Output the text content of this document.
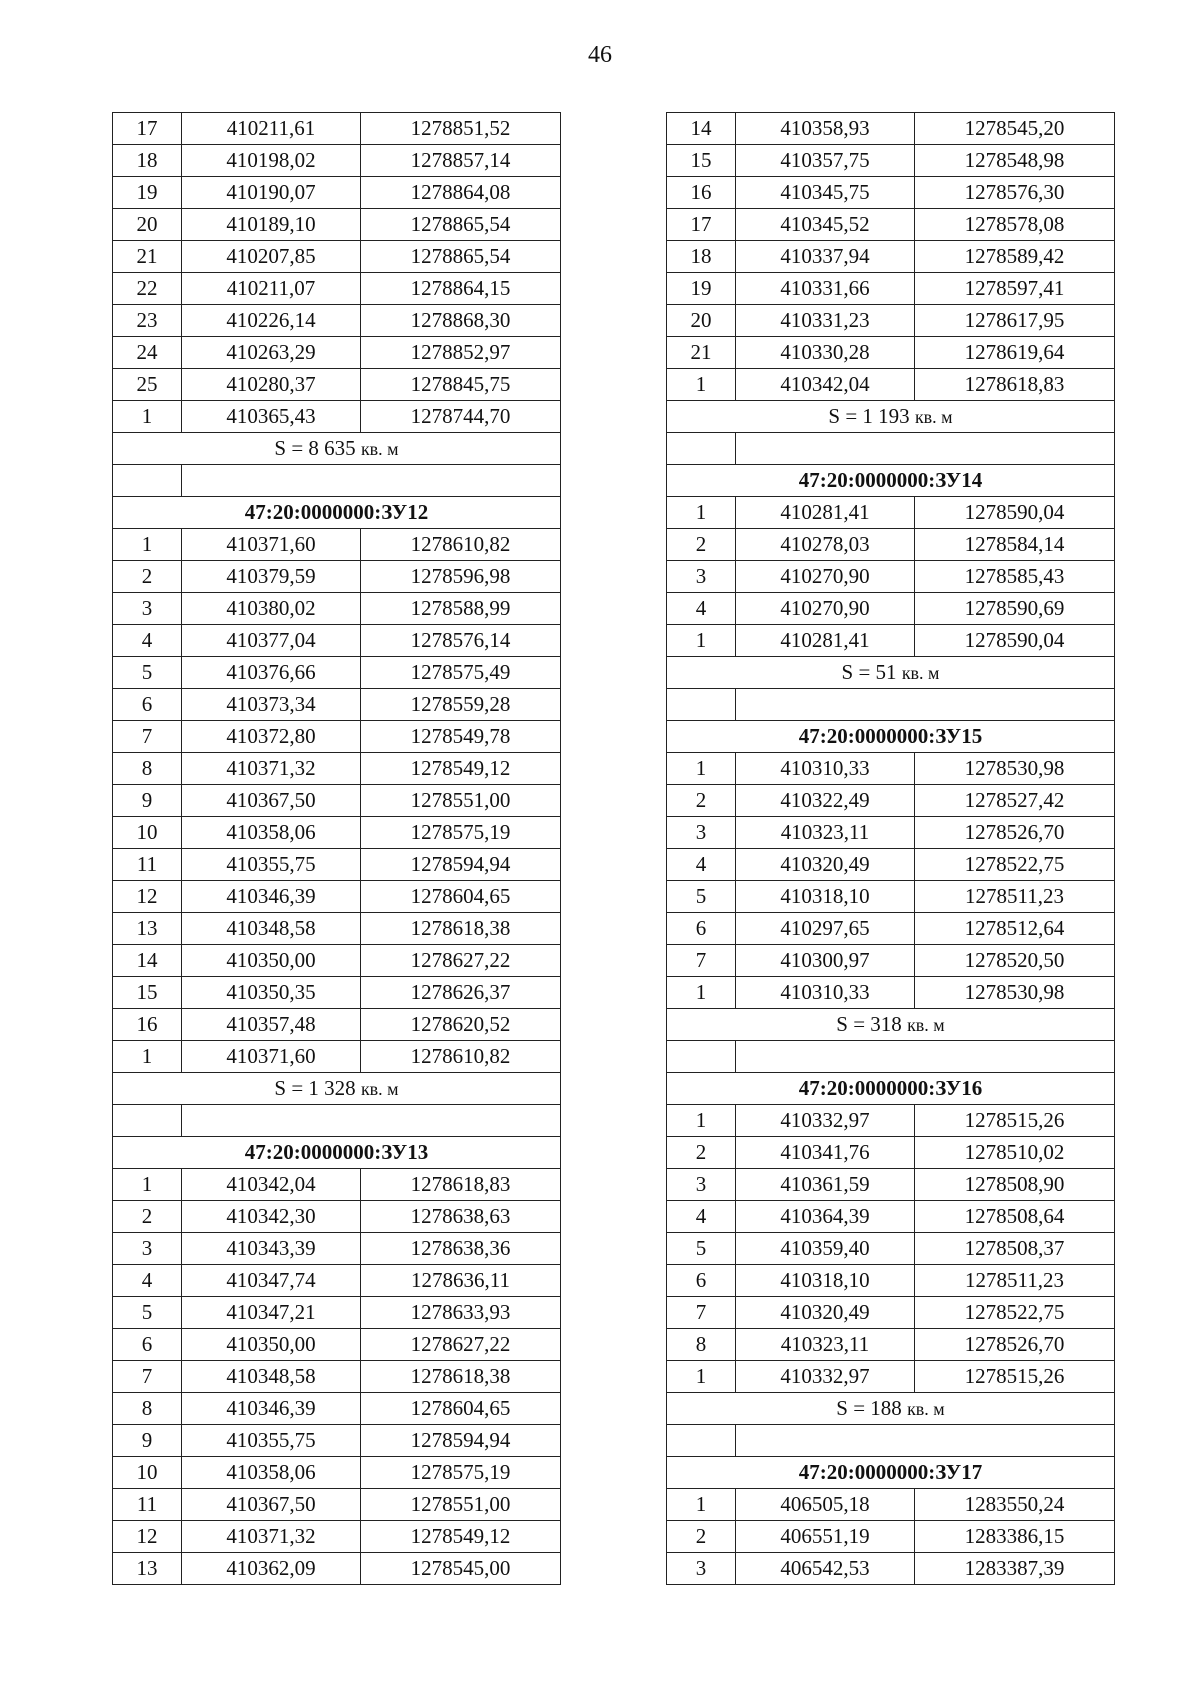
46
17	410211,61	1278851,52
18	410198,02	1278857,14
19	410190,07	1278864,08
20	410189,10	1278865,54
21	410207,85	1278865,54
22	410211,07	1278864,15
23	410226,14	1278868,30
24	410263,29	1278852,97
25	410280,37	1278845,75
1	410365,43	1278744,70
S = 8 635 кв. м		

47:20:0000000:ЗУ12		
1	410371,60	1278610,82
2	410379,59	1278596,98
3	410380,02	1278588,99
4	410377,04	1278576,14
5	410376,66	1278575,49
6	410373,34	1278559,28
7	410372,80	1278549,78
8	410371,32	1278549,12
9	410367,50	1278551,00
10	410358,06	1278575,19
11	410355,75	1278594,94
12	410346,39	1278604,65
13	410348,58	1278618,38
14	410350,00	1278627,22
15	410350,35	1278626,37
16	410357,48	1278620,52
1	410371,60	1278610,82
S = 1 328 кв. м		

47:20:0000000:ЗУ13		
1	410342,04	1278618,83
2	410342,30	1278638,63
3	410343,39	1278638,36
4	410347,74	1278636,11
5	410347,21	1278633,93
6	410350,00	1278627,22
7	410348,58	1278618,38
8	410346,39	1278604,65
9	410355,75	1278594,94
10	410358,06	1278575,19
11	410367,50	1278551,00
12	410371,32	1278549,12
13	410362,09	1278545,00
14	410358,93	1278545,20
15	410357,75	1278548,98
16	410345,75	1278576,30
17	410345,52	1278578,08
18	410337,94	1278589,42
19	410331,66	1278597,41
20	410331,23	1278617,95
21	410330,28	1278619,64
1	410342,04	1278618,83
S = 1 193 кв. м		

47:20:0000000:ЗУ14		
1	410281,41	1278590,04
2	410278,03	1278584,14
3	410270,90	1278585,43
4	410270,90	1278590,69
1	410281,41	1278590,04
S = 51 кв. м		

47:20:0000000:ЗУ15		
1	410310,33	1278530,98
2	410322,49	1278527,42
3	410323,11	1278526,70
4	410320,49	1278522,75
5	410318,10	1278511,23
6	410297,65	1278512,64
7	410300,97	1278520,50
1	410310,33	1278530,98
S = 318 кв. м		

47:20:0000000:ЗУ16		
1	410332,97	1278515,26
2	410341,76	1278510,02
3	410361,59	1278508,90
4	410364,39	1278508,64
5	410359,40	1278508,37
6	410318,10	1278511,23
7	410320,49	1278522,75
8	410323,11	1278526,70
1	410332,97	1278515,26
S = 188 кв. м		

47:20:0000000:ЗУ17		
1	406505,18	1283550,24
2	406551,19	1283386,15
3	406542,53	1283387,39
